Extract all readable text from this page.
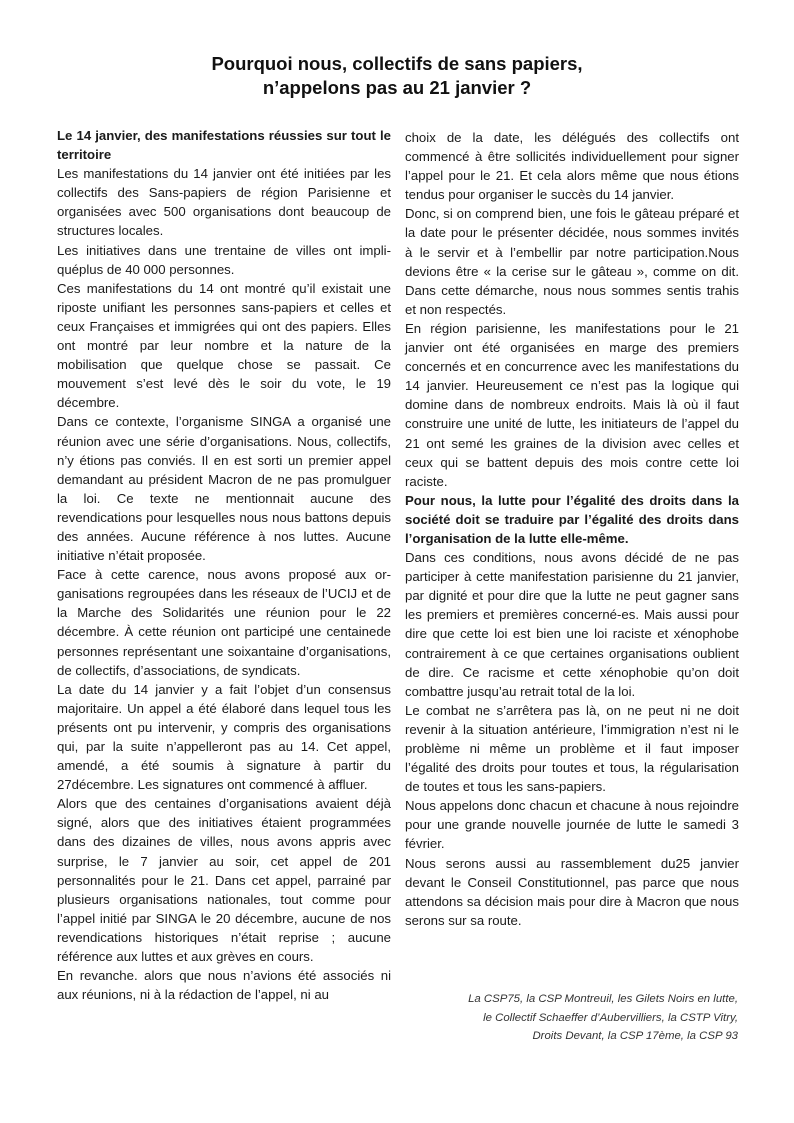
Pourquoi nous, collectifs de sans papiers,
n’appelons pas au 21 janvier ?

Le 14 janvier, des manifestations réussies sur tout le territoire

Les manifestations du 14 janvier ont été initiées par les collectifs des Sans-papiers de région Parisienne et organisées avec 500 organisations dont beaucoup de structures locales.

Les initiatives dans une trentaine de villes ont impliquéplus de 40 000 personnes.

Ces manifestations du 14 ont montré qu’il existait une riposte unifiant les personnes sans-papiers et celles et ceux Françaises et immigrées qui ont des papiers. Elles ont montré par leur nombre et la nature de la mobilisation que quelque chose se passait. Ce mouvement s’est levé dès le soir du vote, le 19 décembre.

Dans ce contexte, l’organisme SINGA a organisé une réunion avec une série d’organisations. Nous, collectifs, n’y étions pas conviés. Il en est sorti un premier appel demandant au président Macron de ne pas promulguer la loi. Ce texte ne mentionnait aucune des revendications pour lesquelles nous nous battons depuis des années. Aucune référence à nos luttes. Aucune initiative n’était proposée.

Face à cette carence, nous avons proposé aux organisations regroupées dans les réseaux de l’UCIJ et de la Marche des Solidarités une réunion pour le 22 décembre. À cette réunion ont participé une centainede personnes représentant une soixantaine d’organisations, de collectifs, d’associations, de syndicats.

La date du 14 janvier y a fait l’objet d’un consensus majoritaire. Un appel a été élaboré dans lequel tous les présents ont pu intervenir, y compris des organisations qui, par la suite n’appelleront pas au 14. Cet appel, amendé, a été soumis à signature à partir du 27décembre. Les signatures ont commencé à affluer.

Alors que des centaines d’organisations avaient déjà signé, alors que des initiatives étaient programmées dans des dizaines de villes, nous avons appris avec surprise, le 7 janvier au soir, cet appel de 201 personnalités pour le 21. Dans cet appel, parrainé par plusieurs organisations nationales, tout comme pour l’appel initié par SINGA le 20 décembre, aucune de nos revendications historiques n’était reprise ; aucune référence aux luttes et aux grèves en cours.

En revanche. alors que nous n’avions été associés ni aux réunions, ni à la rédaction de l’appel, ni au

choix de la date, les délégués des collectifs ont commencé à être sollicités individuellement pour signer l’appel pour le 21. Et cela alors même que nous étions tendus pour organiser le succès du 14 janvier.

Donc, si on comprend bien, une fois le gâteau préparé et la date pour le présenter décidée, nous sommes invités à le servir et à l’embellir par notre participation.Nous devions être « la cerise sur le gâteau », comme on dit. Dans cette démarche, nous nous sommes sentis trahis et non respectés.

En région parisienne, les manifestations pour le 21 janvier ont été organisées en marge des premiers concernés et en concurrence avec les manifestations du 14 janvier. Heureusement ce n’est pas la logique qui domine dans de nombreux endroits. Mais là où il faut construire une unité de lutte, les initiateurs de l’appel du 21 ont semé les graines de la division avec celles et ceux qui se battent depuis des mois contre cette loi raciste.

Pour nous, la lutte pour l’égalité des droits dans la société doit se traduire par l’égalité des droits dans l’organisation de la lutte elle-même.

Dans ces conditions, nous avons décidé de ne pas participer à cette manifestation parisienne du 21 janvier, par dignité et pour dire que la lutte ne peut gagner sans les premiers et premières concerné-es. Mais aussi pour dire que cette loi est bien une loi raciste et xénophobe contrairement à ce que certaines organisations oublient de dire. Ce racisme et cette xénophobie qu’on doit combattre jusqu’au retrait total de la loi.

Le combat ne s’arrêtera pas là, on ne peut ni ne doit revenir à la situation antérieure, l’immigration n’est ni le problème ni même un problème et il faut imposer l’égalité des droits pour toutes et tous, la régularisation de toutes et tous les sans-papiers.

Nous appelons donc chacun et chacune à nous rejoindre pour une grande nouvelle journée de lutte le samedi 3 février.

Nous serons aussi au rassemblement du25 janvier devant le Conseil Constitutionnel, pas parce que nous attendons sa décision mais pour dire à Macron que nous serons sur sa route.

La CSP75, la CSP Montreuil, les Gilets Noirs en lutte,
le Collectif Schaeffer d’Aubervilliers, la CSTP Vitry,
Droits Devant, la CSP 17ème, la CSP 93
